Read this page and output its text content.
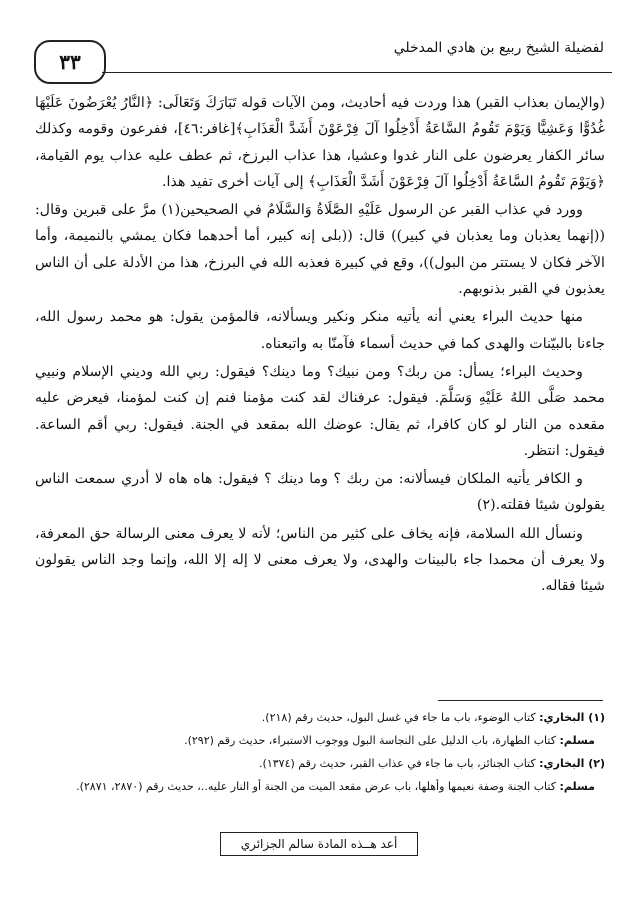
٣٣
لفضيلة الشيخ ربيع بن هادي المدخلي

(والإيمان بعذاب القبر) هذا وردت فيه أحاديث، ومن الآيات قوله تَبَارَكَ وَتَعَالَى: ﴿النَّارُ يُعْرَضُونَ عَلَيْهَا غُدُوًّا وَعَشِيًّا وَيَوْمَ تَقُومُ السَّاعَةُ أَدْخِلُوا آلَ فِرْعَوْنَ أَشَدَّ الْعَذَابِ﴾[غافر:٤٦]، ففرعون وقومه وكذلك سائر الكفار يعرضون على النار غدوا وعشيا، هذا عذاب البرزخ، ثم عطف عليه عذاب يوم القيامة، ﴿وَيَوْمَ تَقُومُ السَّاعَةُ أَدْخِلُوا آلَ فِرْعَوْنَ أَشَدَّ الْعَذَابِ﴾ إلى آيات أخرى تفيد هذا.

وورد في عذاب القبر عن الرسول عَلَيْهِ الصَّلَاةُ وَالسَّلَامُ في الصحيحين(١) مرَّ على قبرين وقال: ((إنهما يعذبان وما يعذبان في كبير)) قال: ((بلى إنه كبير، أما أحدهما فكان يمشي بالنميمة، وأما الآخر فكان لا يستتر من البول))، وقع في كبيرة فعذبه الله في البرزخ، هذا من الأدلة على أن الناس يعذبون في القبر بذنوبهم.

منها حديث البراء يعني أنه يأتيه منكر ونكير ويسألانه، فالمؤمن يقول: هو محمد رسول الله، جاءنا بالبيّنات والهدى كما في حديث أسماء فآمنّا به واتبعناه.

وحديث البراء؛ يسأل: من ربك؟ ومن نبيك؟ وما دينك؟ فيقول: ربي الله وديني الإسلام ونبيي محمد صَلَّى اللهُ عَلَيْهِ وَسَلَّمَ. فيقول: عرفناك لقد كنت مؤمنا فنم إن كنت لمؤمنا، فيعرض عليه مقعده من النار لو كان كافرا، ثم يقال: عوضك الله بمقعد في الجنة. فيقول: ربي أقم الساعة. فيقول: انتظر.

و الكافر يأتيه الملكان فيسألانه: من ربك ؟ وما دينك ؟ فيقول: هاه هاه لا أدري سمعت الناس يقولون شيئا فقلته.(٢)

ونسأل الله السلامة، فإنه يخاف على كثير من الناس؛ لأنه لا يعرف معنى الرسالة حق المعرفة، ولا يعرف أن محمدا جاء بالبينات والهدى، ولا يعرف معنى لا إله إلا الله، وإنما وجد الناس يقولون شيئا فقاله.

(١) البخاري: كتاب الوضوء، باب ما جاء في غسل البول، حديث رقم (٢١٨).

مسلم: كتاب الطهارة، باب الدليل على النجاسة البول ووجوب الاستبراء، حديث رقم (٢٩٢).

(٢) البخاري: كتاب الجنائز، باب ما جاء في عذاب القبر، حديث رقم (١٣٧٤).

مسلم: كتاب الجنة وصفة نعيمها وأهلها، باب عرض مقعد الميت من الجنة أو النار عليه..، حديث رقم (٢٨٧٠، ٢٨٧١).

أعد هــذه المادة سالم الجزائري
